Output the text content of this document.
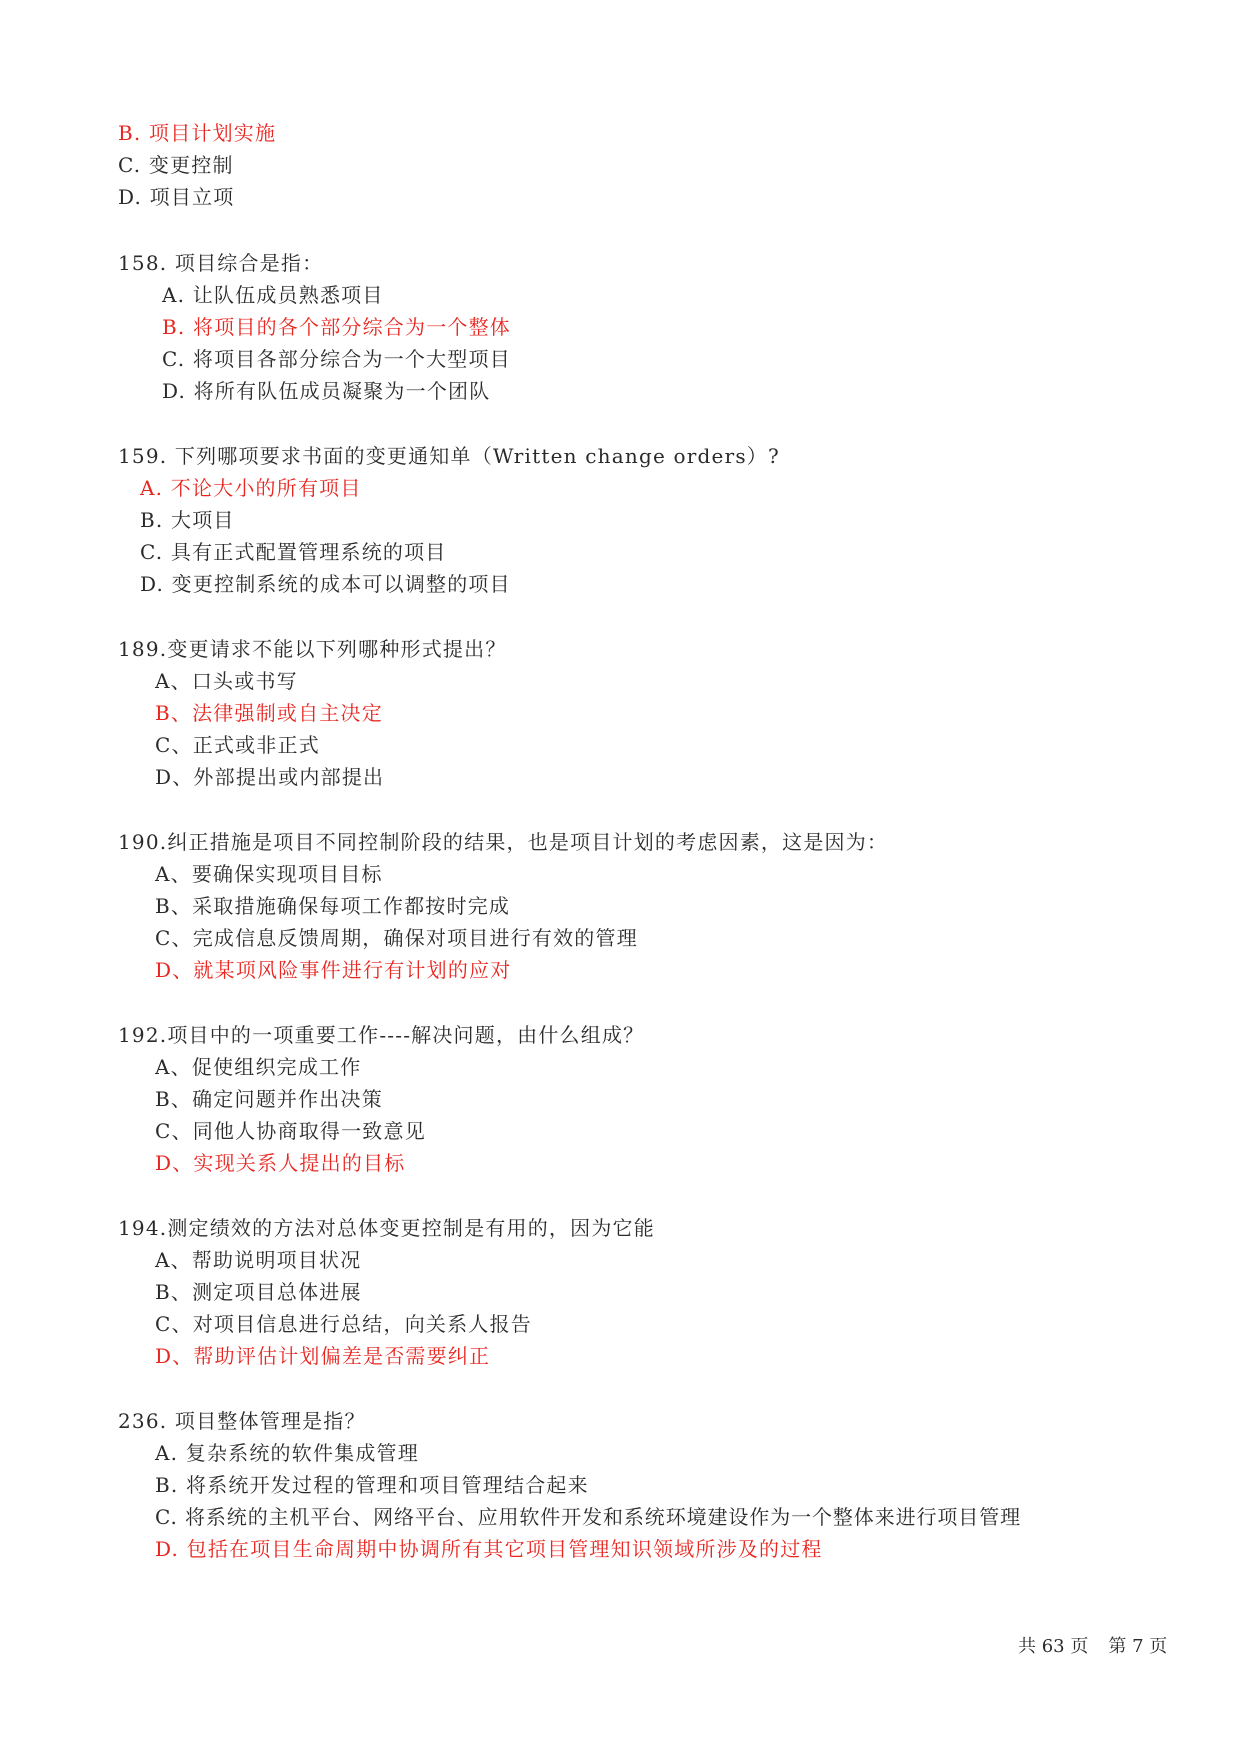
B. 项目计划实施
C. 变更控制
D. 项目立项
158. 项目综合是指：
A. 让队伍成员熟悉项目
B. 将项目的各个部分综合为一个整体
C. 将项目各部分综合为一个大型项目
D. 将所有队伍成员凝聚为一个团队
159. 下列哪项要求书面的变更通知单（Written change orders）?
A. 不论大小的所有项目
B. 大项目
C. 具有正式配置管理系统的项目
D. 变更控制系统的成本可以调整的项目
189.变更请求不能以下列哪种形式提出？
A、口头或书写
B、法律强制或自主决定
C、正式或非正式
D、外部提出或内部提出
190.纠正措施是项目不同控制阶段的结果，也是项目计划的考虑因素，这是因为：
A、要确保实现项目目标
B、采取措施确保每项工作都按时完成
C、完成信息反馈周期，确保对项目进行有效的管理
D、就某项风险事件进行有计划的应对
192.项目中的一项重要工作----解决问题，由什么组成？
A、促使组织完成工作
B、确定问题并作出决策
C、同他人协商取得一致意见
D、实现关系人提出的目标
194.测定绩效的方法对总体变更控制是有用的，因为它能
A、帮助说明项目状况
B、测定项目总体进展
C、对项目信息进行总结，向关系人报告
D、帮助评估计划偏差是否需要纠正
236. 项目整体管理是指？
A. 复杂系统的软件集成管理
B. 将系统开发过程的管理和项目管理结合起来
C. 将系统的主机平台、网络平台、应用软件开发和系统环境建设作为一个整体来进行项目管理
D. 包括在项目生命周期中协调所有其它项目管理知识领域所涉及的过程
共 63 页 第 7 页
